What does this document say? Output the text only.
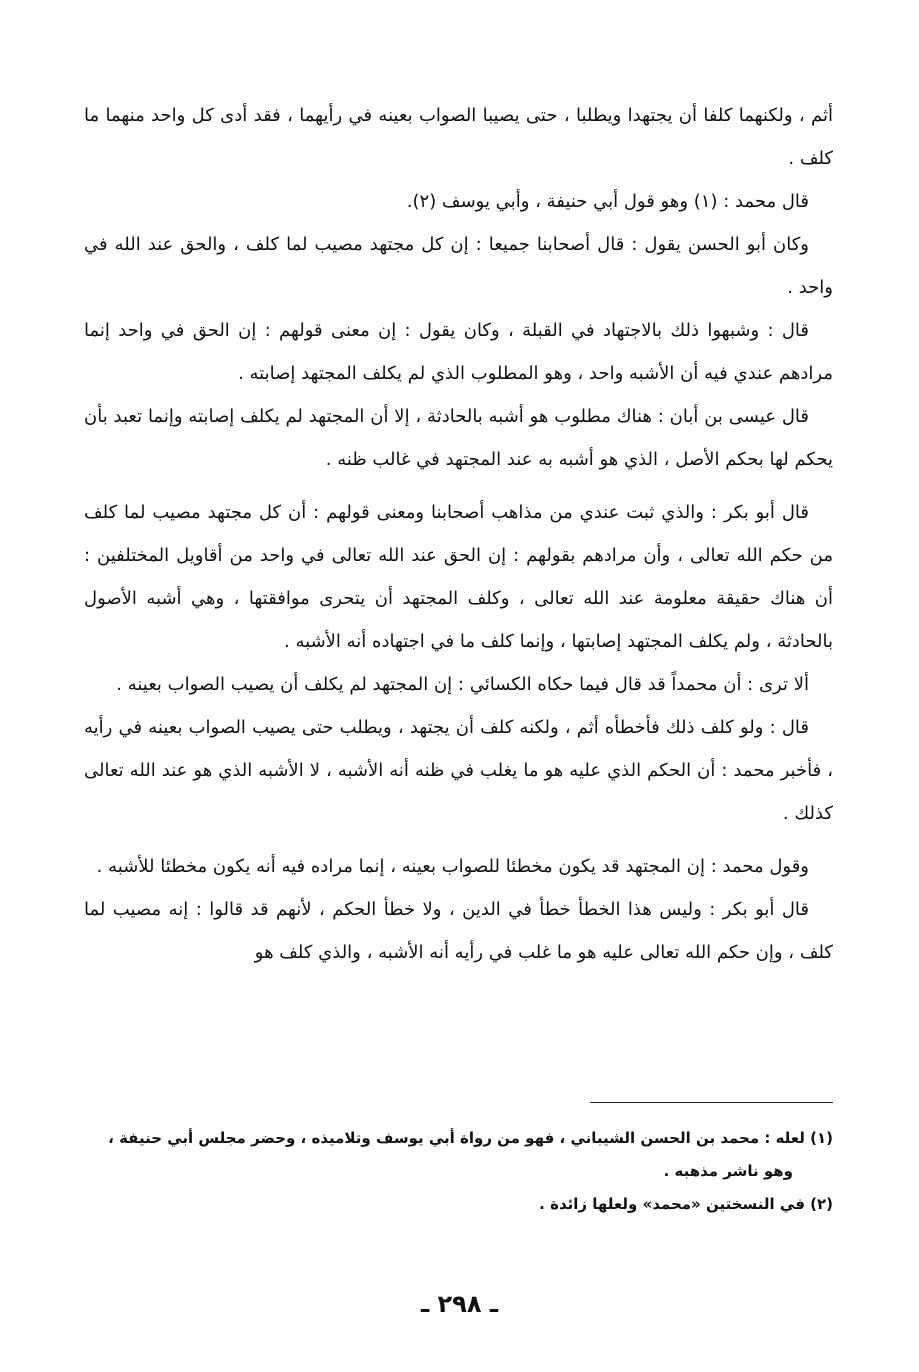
أثم ، ولكنهما كلفا أن يجتهدا ويطلبا ، حتى يصيبا الصواب بعينه في رأيهما ، فقد أدى كل واحد منهما ما كلف .

قال محمد : (١) وهو قول أبي حنيفة ، وأبي يوسف (٢).

وكان أبو الحسن يقول : قال أصحابنا جميعا : إن كل مجتهد مصيب لما كلف ، والحق عند الله في واحد .

قال : وشبهوا ذلك بالاجتهاد في القبلة ، وكان يقول : إن معنى قولهم : إن الحق في واحد إنما مرادهم عندي فيه أن الأشبه واحد ، وهو المطلوب الذي لم يكلف المجتهد إصابته .

قال عيسى بن أبان : هناك مطلوب هو أشبه بالحادثة ، إلا أن المجتهد لم يكلف إصابته وإنما تعبد بأن يحكم لها بحكم الأصل ، الذي هو أشبه به عند المجتهد في غالب ظنه .

قال أبو بكر : والذي ثبت عندي من مذاهب أصحابنا ومعنى قولهم : أن كل مجتهد مصيب لما كلف من حكم الله تعالى ، وأن مرادهم بقولهم : إن الحق عند الله تعالى في واحد من أقاويل المختلفين : أن هناك حقيقة معلومة عند الله تعالى ، وكلف المجتهد أن يتحرى موافقتها ، وهي أشبه الأصول بالحادثة ، ولم يكلف المجتهد إصابتها ، وإنما كلف ما في اجتهاده أنه الأشبه .

ألا ترى : أن محمداً قد قال فيما حكاه الكسائي : إن المجتهد لم يكلف أن يصيب الصواب بعينه .

قال : ولو كلف ذلك فأخطأه أثم ، ولكنه كلف أن يجتهد ، ويطلب حتى يصيب الصواب بعينه في رأيه ، فأخبر محمد : أن الحكم الذي عليه هو ما يغلب في ظنه أنه الأشبه ، لا الأشبه الذي هو عند الله تعالى كذلك .

وقول محمد : إن المجتهد قد يكون مخطئا للصواب بعينه ، إنما مراده فيه أنه يكون مخطئا للأشبه .

قال أبو بكر : وليس هذا الخطأ خطأ في الدين ، ولا خطأ الحكم ، لأنهم قد قالوا : إنه مصيب لما كلف ، وإن حكم الله تعالى عليه هو ما غلب في رأيه أنه الأشبه ، والذي كلف هو

(١) لعله : محمد بن الحسن الشيباني ، فهو من رواة أبي يوسف وتلاميذه ، وحضر مجلس أبي حنيفة ، وهو ناشر مذهبه .

(٢) في النسختين «محمد» ولعلها زائدة .

ـ ٢٩٨ ـ
